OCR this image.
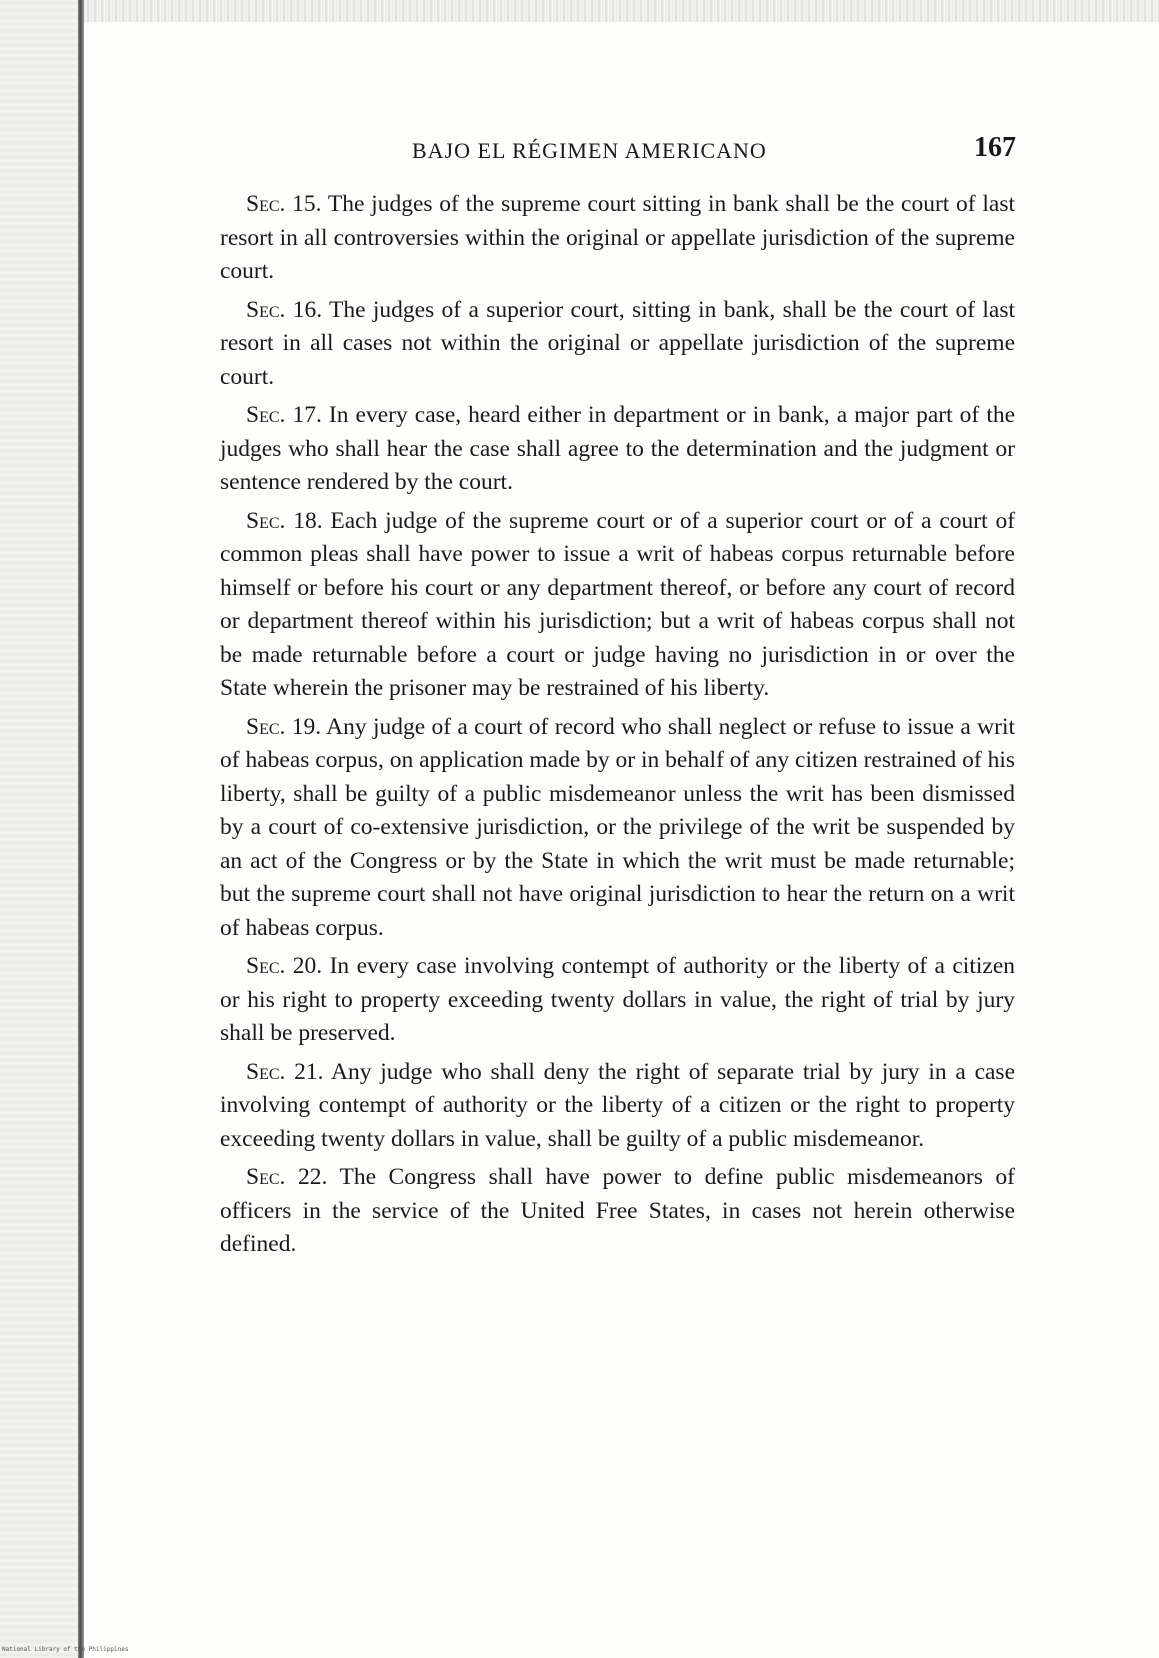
BAJO EL RÉGIMEN AMERICANO	167

Sec. 15. The judges of the supreme court sitting in bank shall be the court of last resort in all controversies within the original or appellate jurisdiction of the supreme court.

Sec. 16. The judges of a superior court, sitting in bank, shall be the court of last resort in all cases not within the original or appellate jurisdiction of the supreme court.

Sec. 17. In every case, heard either in department or in bank, a major part of the judges who shall hear the case shall agree to the determination and the judgment or sentence rendered by the court.

Sec. 18. Each judge of the supreme court or of a superior court or of a court of common pleas shall have power to issue a writ of habeas corpus returnable before himself or before his court or any department thereof, or before any court of record or department thereof within his jurisdiction; but a writ of habeas corpus shall not be made returnable before a court or judge having no jurisdiction in or over the State wherein the prisoner may be restrained of his liberty.

Sec. 19. Any judge of a court of record who shall neglect or refuse to issue a writ of habeas corpus, on application made by or in behalf of any citizen restrained of his liberty, shall be guilty of a public misdemeanor unless the writ has been dismissed by a court of co-extensive jurisdiction, or the privilege of the writ be suspended by an act of the Congress or by the State in which the writ must be made returnable; but the supreme court shall not have original jurisdiction to hear the return on a writ of habeas corpus.

Sec. 20. In every case involving contempt of authority or the liberty of a citizen or his right to property exceeding twenty dollars in value, the right of trial by jury shall be preserved.

Sec. 21. Any judge who shall deny the right of separate trial by jury in a case involving contempt of authority or the liberty of a citizen or the right to property exceeding twenty dollars in value, shall be guilty of a public misdemeanor.

Sec. 22. The Congress shall have power to define public misdemeanors of officers in the service of the United Free States, in cases not herein otherwise defined.

National Library of the Philippines
